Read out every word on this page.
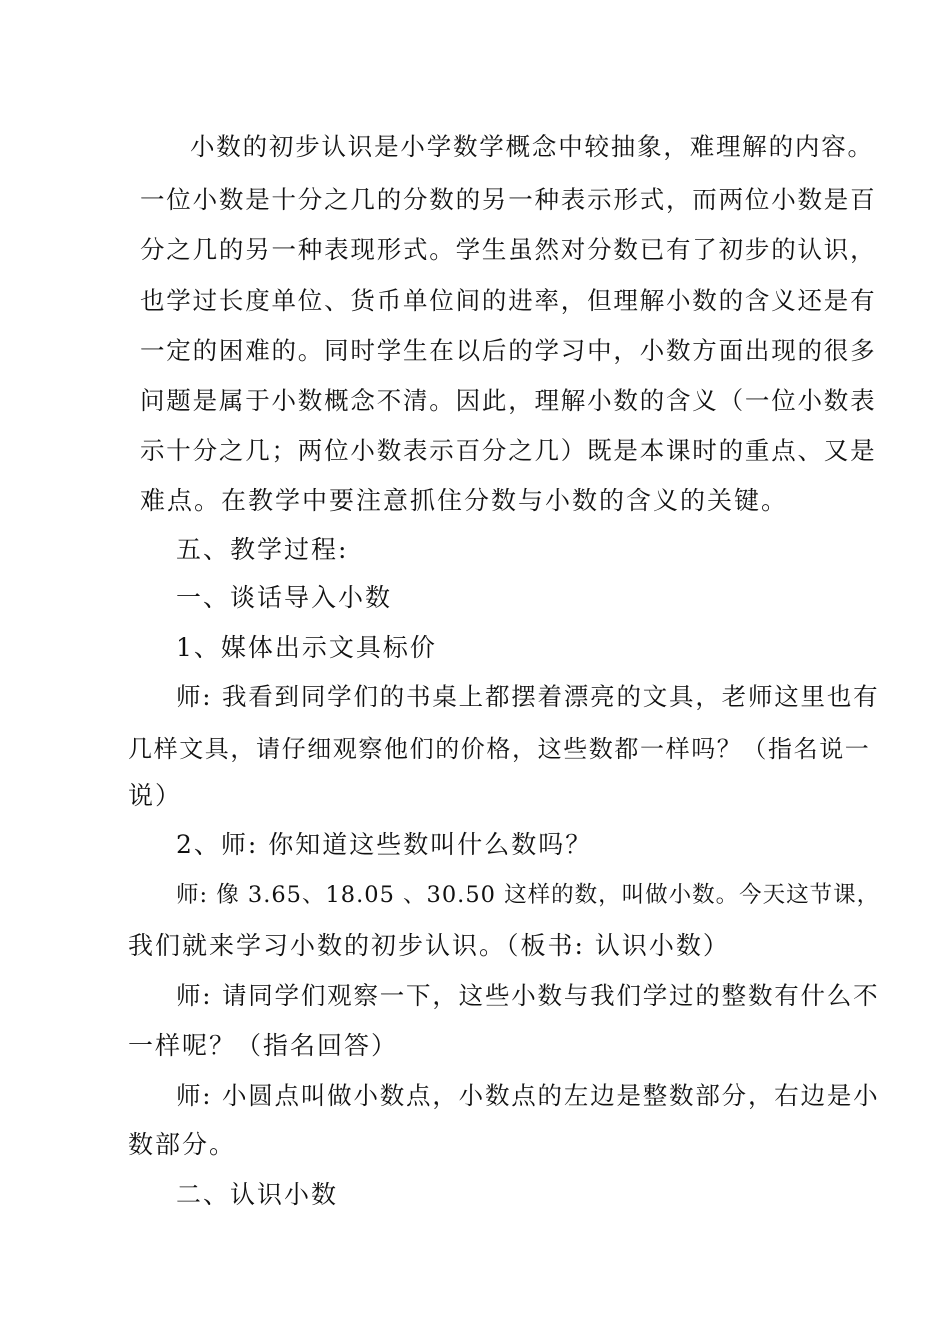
小数的初步认识是小学数学概念中较抽象，难理解的内容。
一位小数是十分之几的分数的另一种表示形式，而两位小数是百
分之几的另一种表现形式。学生虽然对分数已有了初步的认识，
也学过长度单位、货币单位间的进率，但理解小数的含义还是有
一定的困难的。同时学生在以后的学习中，小数方面出现的很多
问题是属于小数概念不清。因此，理解小数的含义（一位小数表
示十分之几；两位小数表示百分之几）既是本课时的重点、又是
难点。在教学中要注意抓住分数与小数的含义的关键。
五、教学过程:
一、谈话导入小数
1、媒体出示文具标价
师: 我看到同学们的书桌上都摆着漂亮的文具，老师这里也有
几样文具，请仔细观察他们的价格，这些数都一样吗？（指名说一
说）
2、师: 你知道这些数叫什么数吗？
师: 像 3.65、18.05 、30.50 这样的数，叫做小数。今天这节课，
我们就来学习小数的初步认识。（板书: 认识小数）
师: 请同学们观察一下，这些小数与我们学过的整数有什么不
一样呢？（指名回答）
师: 小圆点叫做小数点，小数点的左边是整数部分，右边是小
数部分。
二、认识小数
